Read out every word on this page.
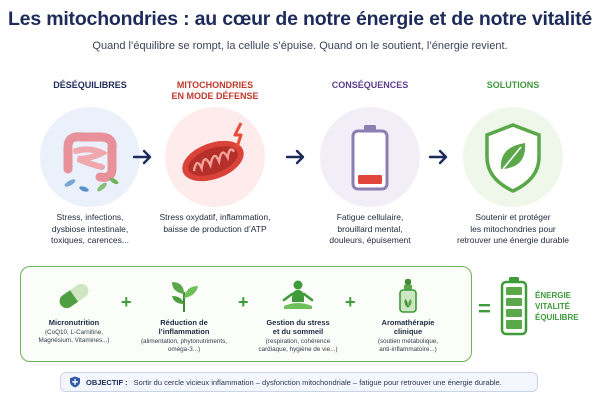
Les mitochondries : au cœur de notre énergie et de notre vitalité
Quand l’équilibre se rompt, la cellule s’épuise. Quand on le soutient, l’énergie revient.
DÉSÉQUILIBRES
Stress, infections,
dysbiose intestinale,
toxiques, carences...
MITOCHONDRIES
EN MODE DÉFENSE
Stress oxydatif, inflammation,
baisse de production d’ATP
CONSÉQUENCES
Fatigue cellulaire,
brouillard mental,
douleurs, épuisement
SOLUTIONS
Soutenir et protéger
les mitochondries pour
retrouver une énergie durable
Micronutrition
(CoQ10, L-Carnitine,
Magnésium, Vitamines...)
+
Réduction de
l’inflammation
(alimentation, phytonutriments,
oméga-3...)
+
Gestion du stress
et du sommeil
(respiration, cohérence
cardiaque, hygiène de vie...)
+
Aromathérapie
clinique
(soutien métabolique,
anti-inflammatoire...)
=
ÉNERGIE
VITALITÉ
ÉQUILIBRE
OBJECTIF : Sortir du cercle vicieux inflammation – dysfonction mitochondriale – fatigue pour retrouver une énergie durable.
